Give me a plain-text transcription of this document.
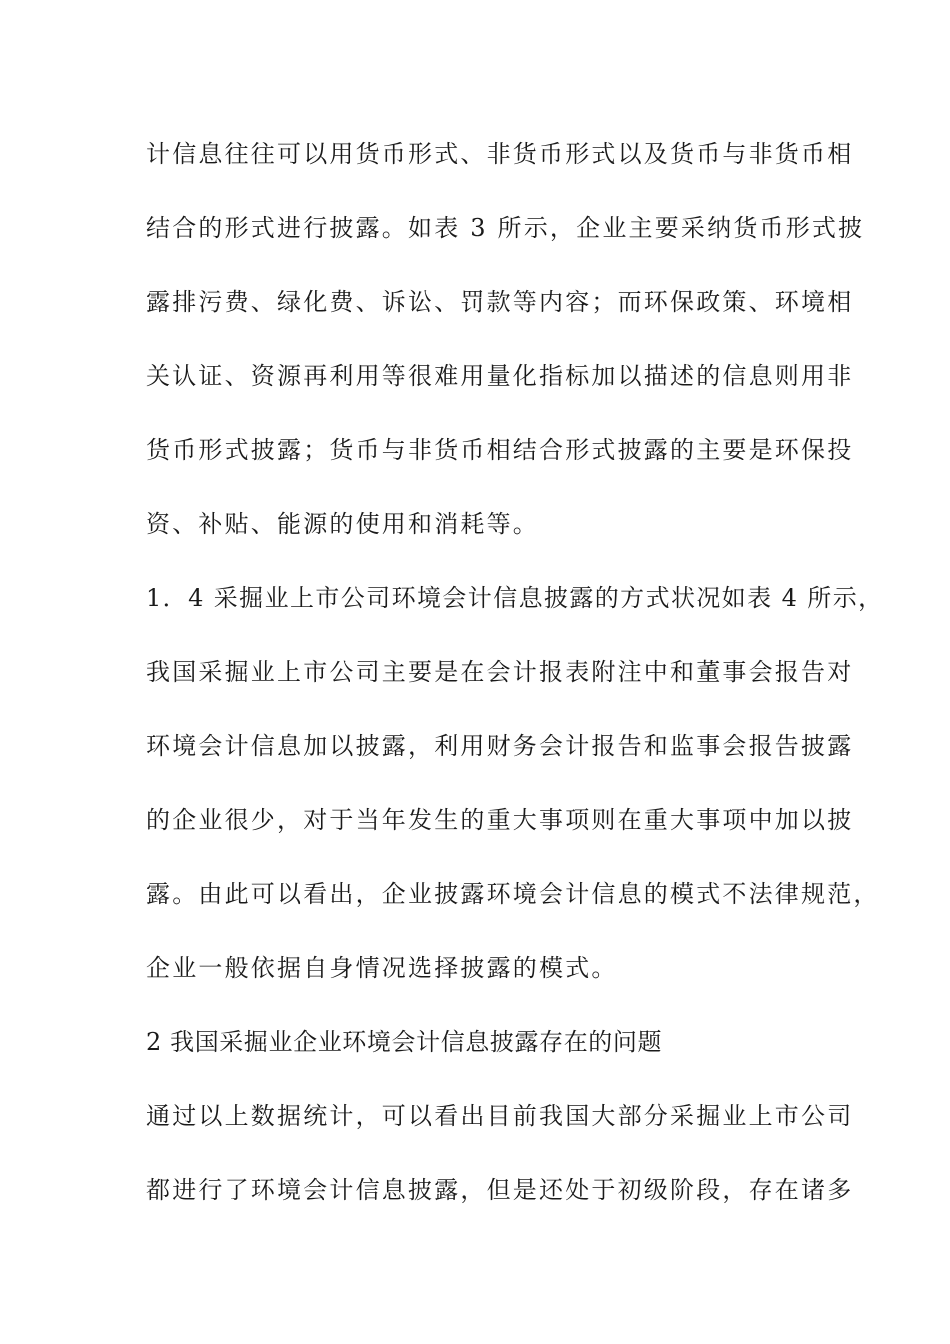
计信息往往可以用货币形式、非货币形式以及货币与非货币相
结合的形式进行披露。如表 3 所示，企业主要采纳货币形式披
露排污费、绿化费、诉讼、罚款等内容；而环保政策、环境相
关认证、资源再利用等很难用量化指标加以描述的信息则用非
货币形式披露；货币与非货币相结合形式披露的主要是环保投
资、补贴、能源的使用和消耗等。
1．4 采掘业上市公司环境会计信息披露的方式状况如表 4 所示，
我国采掘业上市公司主要是在会计报表附注中和董事会报告对
环境会计信息加以披露，利用财务会计报告和监事会报告披露
的企业很少，对于当年发生的重大事项则在重大事项中加以披
露。由此可以看出，企业披露环境会计信息的模式不法律规范，
企业一般依据自身情况选择披露的模式。
2 我国采掘业企业环境会计信息披露存在的问题
通过以上数据统计，可以看出目前我国大部分采掘业上市公司
都进行了环境会计信息披露，但是还处于初级阶段，存在诸多
